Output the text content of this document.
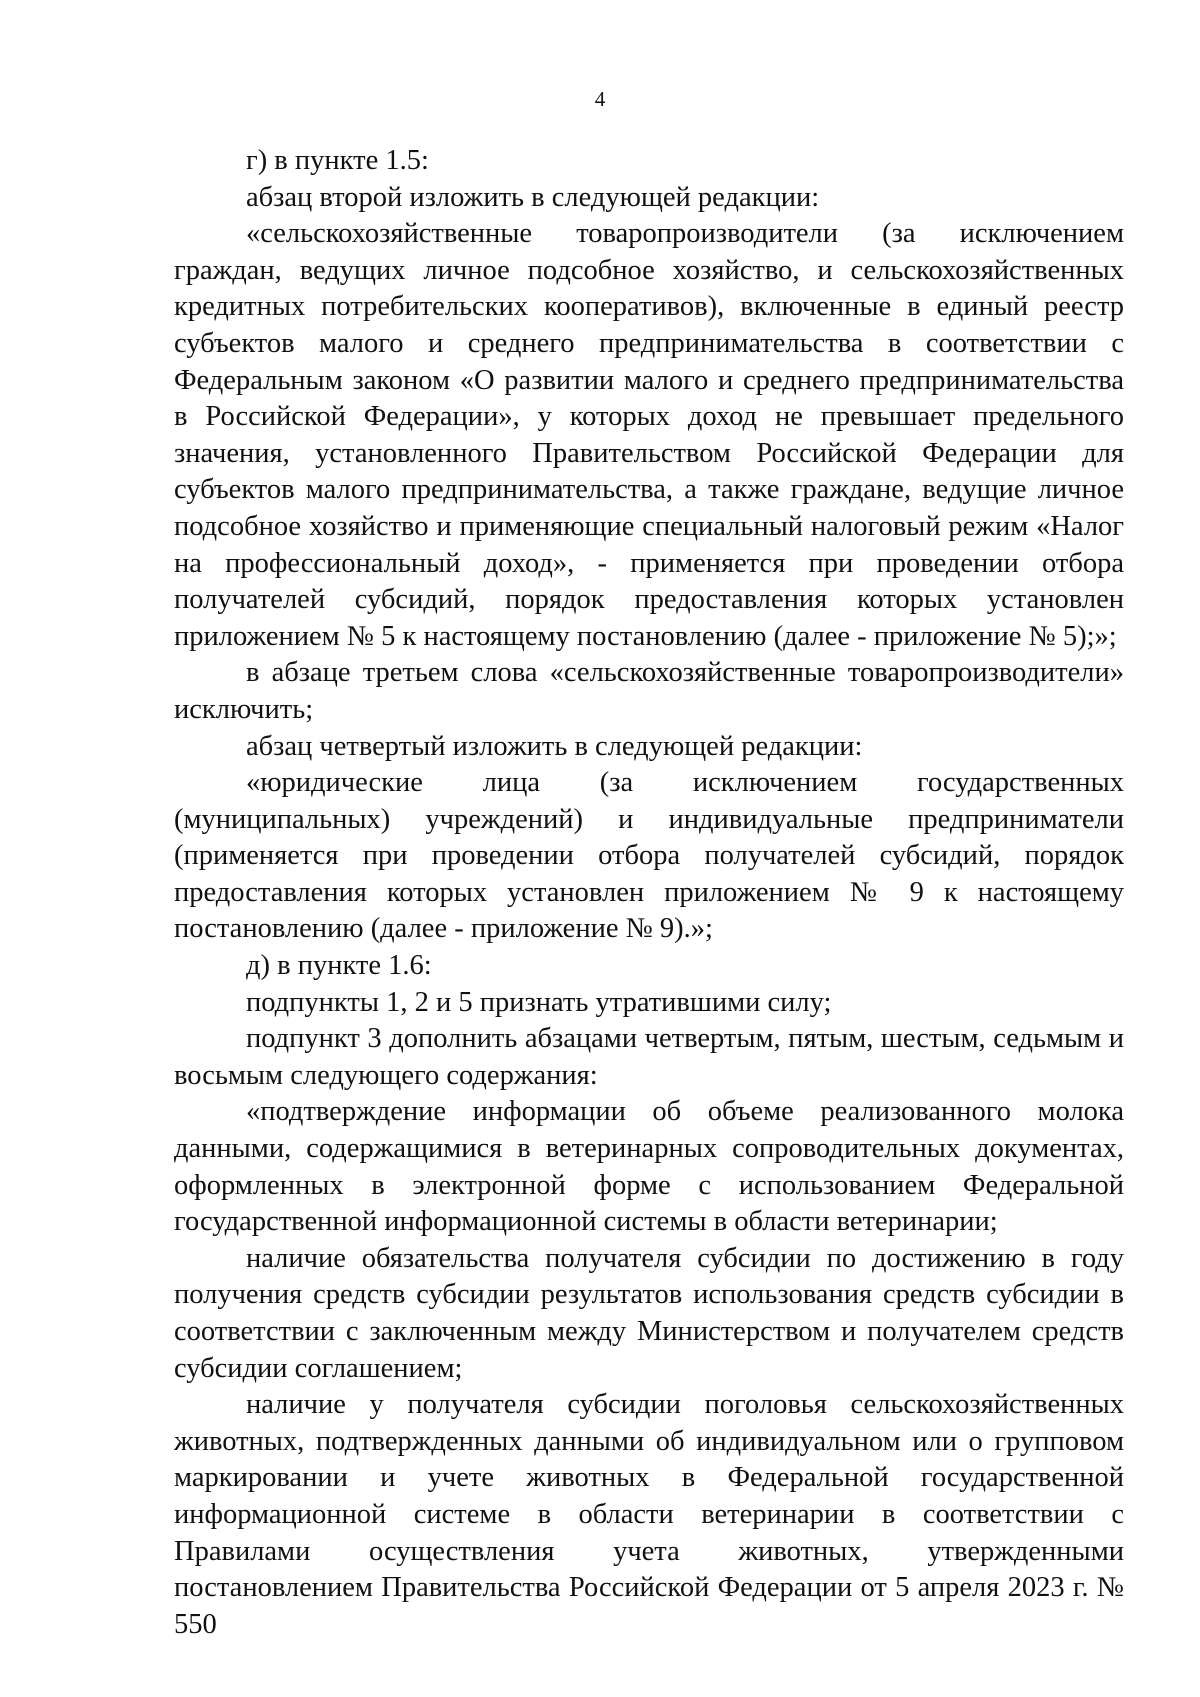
4

г) в пункте 1.5:

абзац второй изложить в следующей редакции:

«сельскохозяйственные товаропроизводители (за исключением граждан, ведущих личное подсобное хозяйство, и сельскохозяйственных кредитных потребительских кооперативов), включенные в единый реестр субъектов малого и среднего предпринимательства в соответствии с Федеральным законом «О развитии малого и среднего предпринимательства в Российской Федерации», у которых доход не превышает предельного значения, установленного Правительством Российской Федерации для субъектов малого предпринимательства, а также граждане, ведущие личное подсобное хозяйство и применяющие специальный налоговый режим «Налог на профессиональный доход», - применяется при проведении отбора получателей субсидий, порядок предоставления которых установлен приложением № 5 к настоящему постановлению (далее - приложение № 5);»;

в абзаце третьем слова «сельскохозяйственные товаропроизводители» исключить;

абзац четвертый изложить в следующей редакции:

«юридические лица (за исключением государственных (муниципальных) учреждений) и индивидуальные предприниматели (применяется при проведении отбора получателей субсидий, порядок предоставления которых установлен приложением № 9 к настоящему постановлению (далее - приложение № 9).»;

д) в пункте 1.6:

подпункты 1, 2 и 5 признать утратившими силу;

подпункт 3 дополнить абзацами четвертым, пятым, шестым, седьмым и восьмым следующего содержания:

«подтверждение информации об объеме реализованного молока данными, содержащимися в ветеринарных сопроводительных документах, оформленных в электронной форме с использованием Федеральной государственной информационной системы в области ветеринарии;

наличие обязательства получателя субсидии по достижению в году получения средств субсидии результатов использования средств субсидии в соответствии с заключенным между Министерством и получателем средств субсидии соглашением;

наличие у получателя субсидии поголовья сельскохозяйственных животных, подтвержденных данными об индивидуальном или о групповом маркировании и учете животных в Федеральной государственной информационной системе в области ветеринарии в соответствии с Правилами осуществления учета животных, утвержденными постановлением Правительства Российской Федерации от 5 апреля 2023 г. № 550
